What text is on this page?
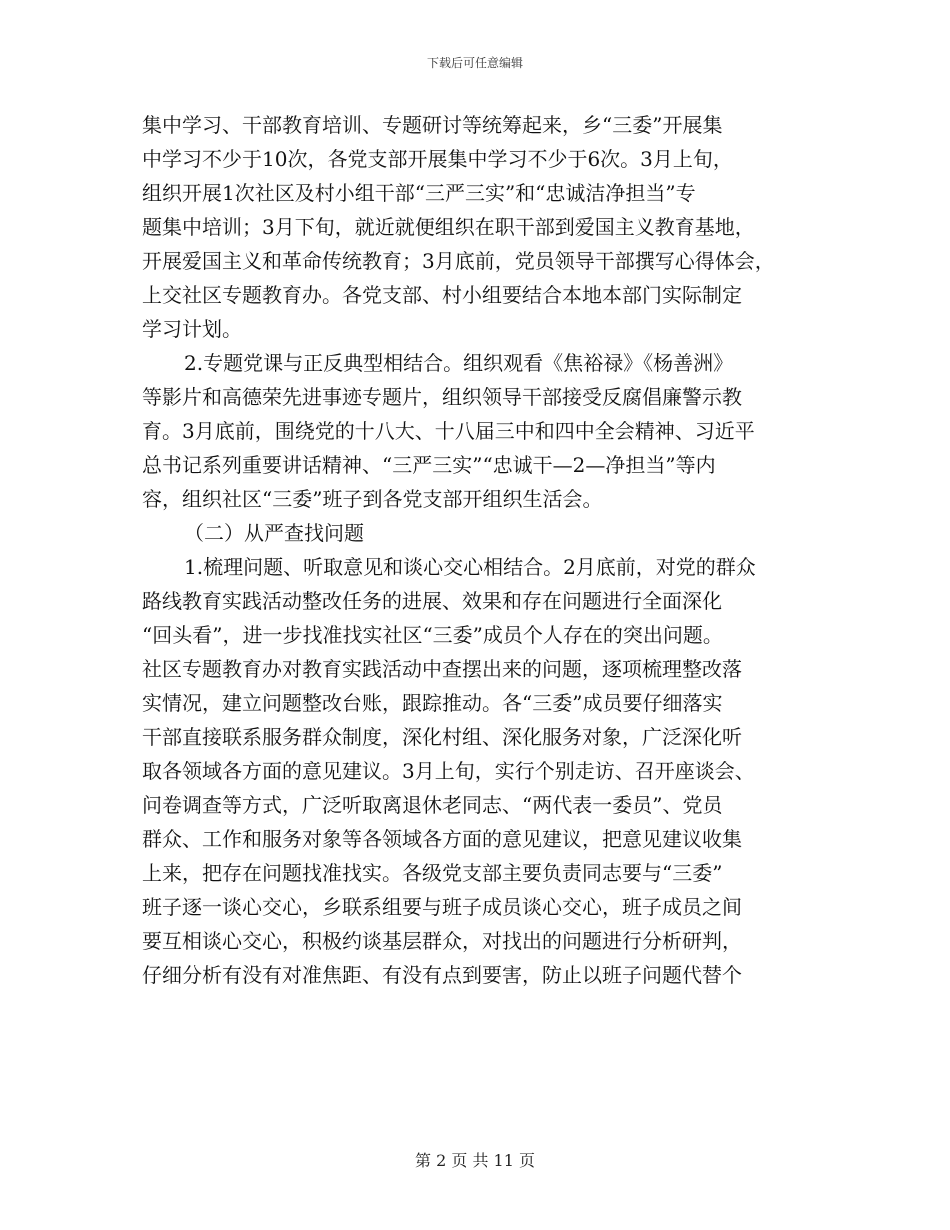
下载后可任意编辑
集中学习、干部教育培训、专题研讨等统筹起来，乡“三委”开展集
中学习不少于10次，各党支部开展集中学习不少于6次。3月上旬，
组织开展1次社区及村小组干部“三严三实”和“忠诚洁净担当”专
题集中培训；3月下旬，就近就便组织在职干部到爱国主义教育基地，
开展爱国主义和革命传统教育；3月底前，党员领导干部撰写心得体会，
上交社区专题教育办。各党支部、村小组要结合本地本部门实际制定
学习计划。
2.专题党课与正反典型相结合。组织观看《焦裕禄》《杨善洲》
等影片和高德荣先进事迹专题片，组织领导干部接受反腐倡廉警示教
育。3月底前，围绕党的十八大、十八届三中和四中全会精神、习近平
总书记系列重要讲话精神、“三严三实”“忠诚干—2—净担当”等内
容，组织社区“三委”班子到各党支部开组织生活会。
（二）从严查找问题
1.梳理问题、听取意见和谈心交心相结合。2月底前，对党的群众
路线教育实践活动整改任务的进展、效果和存在问题进行全面深化
“回头看”，进一步找准找实社区“三委”成员个人存在的突出问题。
社区专题教育办对教育实践活动中查摆出来的问题，逐项梳理整改落
实情况，建立问题整改台账，跟踪推动。各“三委”成员要仔细落实
干部直接联系服务群众制度，深化村组、深化服务对象，广泛深化听
取各领域各方面的意见建议。3月上旬，实行个别走访、召开座谈会、
问卷调查等方式，广泛听取离退休老同志、“两代表一委员”、党员
群众、工作和服务对象等各领域各方面的意见建议，把意见建议收集
上来，把存在问题找准找实。各级党支部主要负责同志要与“三委”
班子逐一谈心交心，乡联系组要与班子成员谈心交心，班子成员之间
要互相谈心交心，积极约谈基层群众，对找出的问题进行分析研判，
仔细分析有没有对准焦距、有没有点到要害，防止以班子问题代替个
第 2 页 共 11 页
